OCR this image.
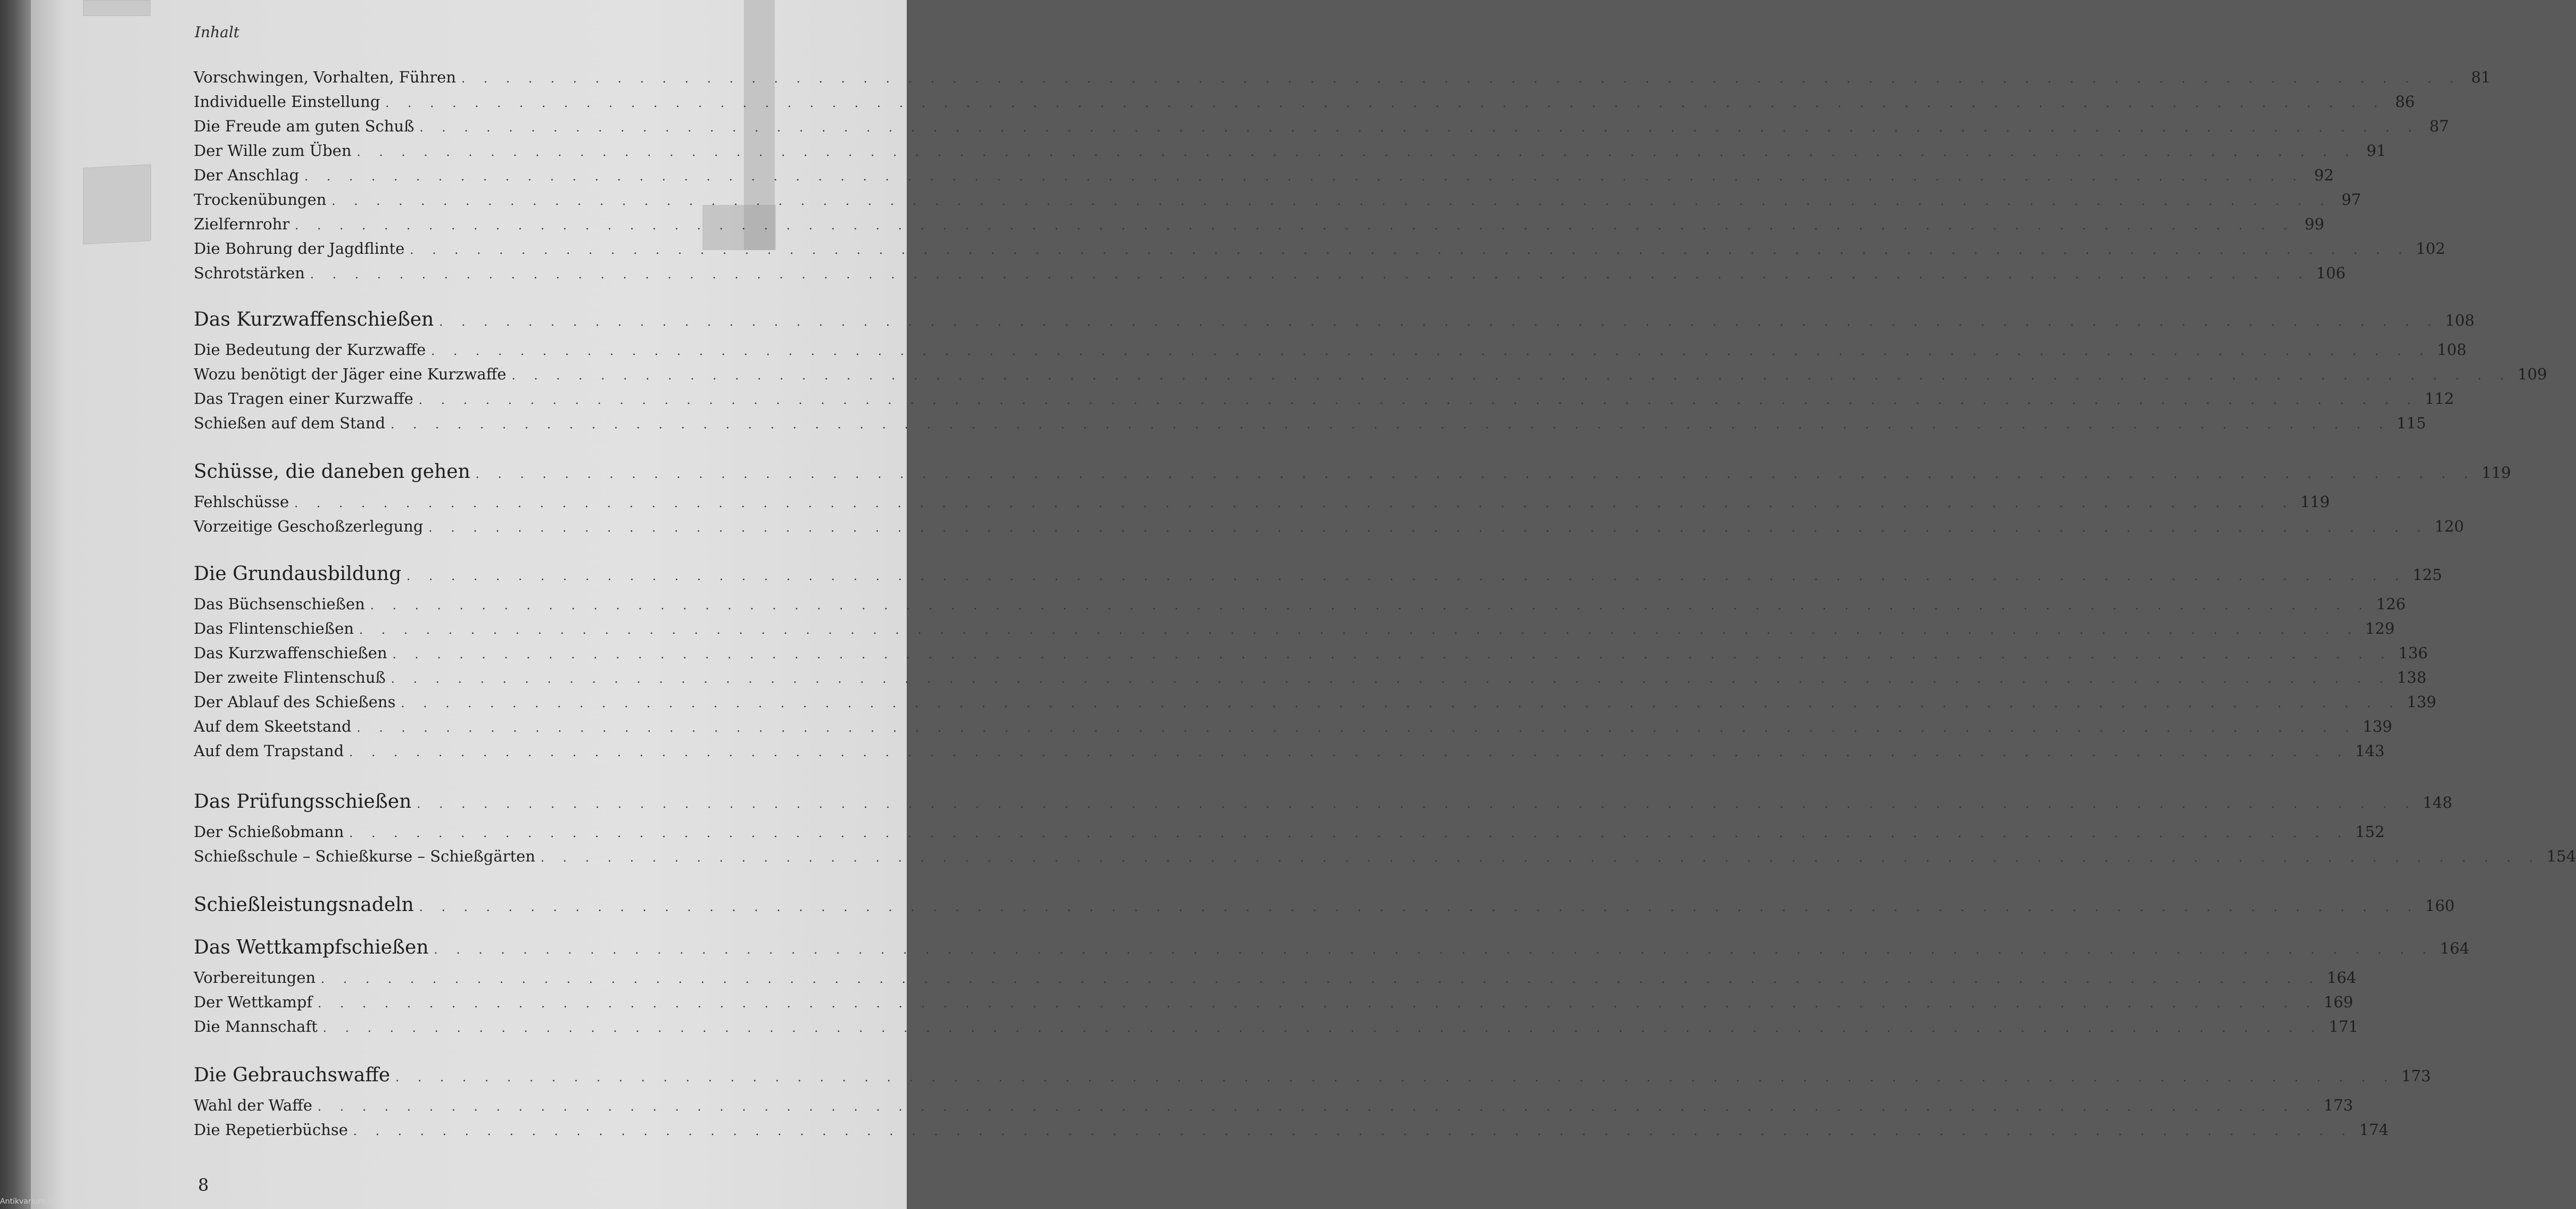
Inhalt
Vorschwingen, Vorhalten, Führen . . . . . . . . . . . . . . . . . . . . . . . . . . . . . . . . . . . . . . . . . . . . . . . . . . . . . . . . . . . . . . . . . . . . . . . . . . . . . . . . . . . . . . . . . . 81
Individuelle Einstellung . . . . . . . . . . . . . . . . . . . . . . . . . . . . . . . . . . . . . . . . . . . . . . . . . . . . . . . . . . . . . . . . . . . . . . . . . . . . . . . . . . . . . . . . . . 86
Die Freude am guten Schuß . . . . . . . . . . . . . . . . . . . . . . . . . . . . . . . . . . . . . . . . . . . . . . . . . . . . . . . . . . . . . . . . . . . . . . . . . . . . . . . . . . . . . . . . . . 87
Der Wille zum Üben . . . . . . . . . . . . . . . . . . . . . . . . . . . . . . . . . . . . . . . . . . . . . . . . . . . . . . . . . . . . . . . . . . . . . . . . . . . . . . . . . . . . . . . . . . 91
Der Anschlag . . . . . . . . . . . . . . . . . . . . . . . . . . . . . . . . . . . . . . . . . . . . . . . . . . . . . . . . . . . . . . . . . . . . . . . . . . . . . . . . . . . . . . . . . . 92
Trockenübungen . . . . . . . . . . . . . . . . . . . . . . . . . . . . . . . . . . . . . . . . . . . . . . . . . . . . . . . . . . . . . . . . . . . . . . . . . . . . . . . . . . . . . . . . . . 97
Zielfernrohr . . . . . . . . . . . . . . . . . . . . . . . . . . . . . . . . . . . . . . . . . . . . . . . . . . . . . . . . . . . . . . . . . . . . . . . . . . . . . . . . . . . . . . . . . . 99
Die Bohrung der Jagdflinte . . . . . . . . . . . . . . . . . . . . . . . . . . . . . . . . . . . . . . . . . . . . . . . . . . . . . . . . . . . . . . . . . . . . . . . . . . . . . . . . . . . . . . . . . . 102
Schrotstärken . . . . . . . . . . . . . . . . . . . . . . . . . . . . . . . . . . . . . . . . . . . . . . . . . . . . . . . . . . . . . . . . . . . . . . . . . . . . . . . . . . . . . . . . . . 106
Das Kurzwaffenschießen . . . . . . . . . . . . . . . . . . . . . . . . . . . . . . . . . . . . . . . . . . . . . . . . . . . . . . . . . . . . . . . . . . . . . . . . . . . . . . . . . . . . . . . . . . 108
Die Bedeutung der Kurzwaffe . . . . . . . . . . . . . . . . . . . . . . . . . . . . . . . . . . . . . . . . . . . . . . . . . . . . . . . . . . . . . . . . . . . . . . . . . . . . . . . . . . . . . . . . . . 108
Wozu benötigt der Jäger eine Kurzwaffe . . . . . . . . . . . . . . . . . . . . . . . . . . . . . . . . . . . . . . . . . . . . . . . . . . . . . . . . . . . . . . . . . . . . . . . . . . . . . . . . . . . . . . . . . . 109
Das Tragen einer Kurzwaffe . . . . . . . . . . . . . . . . . . . . . . . . . . . . . . . . . . . . . . . . . . . . . . . . . . . . . . . . . . . . . . . . . . . . . . . . . . . . . . . . . . . . . . . . . . 112
Schießen auf dem Stand . . . . . . . . . . . . . . . . . . . . . . . . . . . . . . . . . . . . . . . . . . . . . . . . . . . . . . . . . . . . . . . . . . . . . . . . . . . . . . . . . . . . . . . . . . 115
Schüsse, die daneben gehen . . . . . . . . . . . . . . . . . . . . . . . . . . . . . . . . . . . . . . . . . . . . . . . . . . . . . . . . . . . . . . . . . . . . . . . . . . . . . . . . . . . . . . . . . . 119
Fehlschüsse . . . . . . . . . . . . . . . . . . . . . . . . . . . . . . . . . . . . . . . . . . . . . . . . . . . . . . . . . . . . . . . . . . . . . . . . . . . . . . . . . . . . . . . . . . 119
Vorzeitige Geschoßzerlegung . . . . . . . . . . . . . . . . . . . . . . . . . . . . . . . . . . . . . . . . . . . . . . . . . . . . . . . . . . . . . . . . . . . . . . . . . . . . . . . . . . . . . . . . . . 120
Die Grundausbildung . . . . . . . . . . . . . . . . . . . . . . . . . . . . . . . . . . . . . . . . . . . . . . . . . . . . . . . . . . . . . . . . . . . . . . . . . . . . . . . . . . . . . . . . . . 125
Das Büchsenschießen . . . . . . . . . . . . . . . . . . . . . . . . . . . . . . . . . . . . . . . . . . . . . . . . . . . . . . . . . . . . . . . . . . . . . . . . . . . . . . . . . . . . . . . . . . 126
Das Flintenschießen . . . . . . . . . . . . . . . . . . . . . . . . . . . . . . . . . . . . . . . . . . . . . . . . . . . . . . . . . . . . . . . . . . . . . . . . . . . . . . . . . . . . . . . . . . 129
Das Kurzwaffenschießen . . . . . . . . . . . . . . . . . . . . . . . . . . . . . . . . . . . . . . . . . . . . . . . . . . . . . . . . . . . . . . . . . . . . . . . . . . . . . . . . . . . . . . . . . . 136
Der zweite Flintenschuß . . . . . . . . . . . . . . . . . . . . . . . . . . . . . . . . . . . . . . . . . . . . . . . . . . . . . . . . . . . . . . . . . . . . . . . . . . . . . . . . . . . . . . . . . . 138
Der Ablauf des Schießens . . . . . . . . . . . . . . . . . . . . . . . . . . . . . . . . . . . . . . . . . . . . . . . . . . . . . . . . . . . . . . . . . . . . . . . . . . . . . . . . . . . . . . . . . . 139
Auf dem Skeetstand . . . . . . . . . . . . . . . . . . . . . . . . . . . . . . . . . . . . . . . . . . . . . . . . . . . . . . . . . . . . . . . . . . . . . . . . . . . . . . . . . . . . . . . . . . 139
Auf dem Trapstand . . . . . . . . . . . . . . . . . . . . . . . . . . . . . . . . . . . . . . . . . . . . . . . . . . . . . . . . . . . . . . . . . . . . . . . . . . . . . . . . . . . . . . . . . . 143
Das Prüfungsschießen . . . . . . . . . . . . . . . . . . . . . . . . . . . . . . . . . . . . . . . . . . . . . . . . . . . . . . . . . . . . . . . . . . . . . . . . . . . . . . . . . . . . . . . . . . 148
Der Schießobmann . . . . . . . . . . . . . . . . . . . . . . . . . . . . . . . . . . . . . . . . . . . . . . . . . . . . . . . . . . . . . . . . . . . . . . . . . . . . . . . . . . . . . . . . . . 152
Schießschule – Schießkurse – Schießgärten . . . . . . . . . . . . . . . . . . . . . . . . . . . . . . . . . . . . . . . . . . . . . . . . . . . . . . . . . . . . . . . . . . . . . . . . . . . . . . . . . . . . . . . . . . 154
Schießleistungsnadeln . . . . . . . . . . . . . . . . . . . . . . . . . . . . . . . . . . . . . . . . . . . . . . . . . . . . . . . . . . . . . . . . . . . . . . . . . . . . . . . . . . . . . . . . . . 160
Das Wettkampfschießen . . . . . . . . . . . . . . . . . . . . . . . . . . . . . . . . . . . . . . . . . . . . . . . . . . . . . . . . . . . . . . . . . . . . . . . . . . . . . . . . . . . . . . . . . . 164
Vorbereitungen . . . . . . . . . . . . . . . . . . . . . . . . . . . . . . . . . . . . . . . . . . . . . . . . . . . . . . . . . . . . . . . . . . . . . . . . . . . . . . . . . . . . . . . . . . 164
Der Wettkampf . . . . . . . . . . . . . . . . . . . . . . . . . . . . . . . . . . . . . . . . . . . . . . . . . . . . . . . . . . . . . . . . . . . . . . . . . . . . . . . . . . . . . . . . . . 169
Die Mannschaft . . . . . . . . . . . . . . . . . . . . . . . . . . . . . . . . . . . . . . . . . . . . . . . . . . . . . . . . . . . . . . . . . . . . . . . . . . . . . . . . . . . . . . . . . . 171
Die Gebrauchswaffe . . . . . . . . . . . . . . . . . . . . . . . . . . . . . . . . . . . . . . . . . . . . . . . . . . . . . . . . . . . . . . . . . . . . . . . . . . . . . . . . . . . . . . . . . . 173
Wahl der Waffe . . . . . . . . . . . . . . . . . . . . . . . . . . . . . . . . . . . . . . . . . . . . . . . . . . . . . . . . . . . . . . . . . . . . . . . . . . . . . . . . . . . . . . . . . . 173
Die Repetierbüchse . . . . . . . . . . . . . . . . . . . . . . . . . . . . . . . . . . . . . . . . . . . . . . . . . . . . . . . . . . . . . . . . . . . . . . . . . . . . . . . . . . . . . . . . . . 174
8
Antikvarium.hu
